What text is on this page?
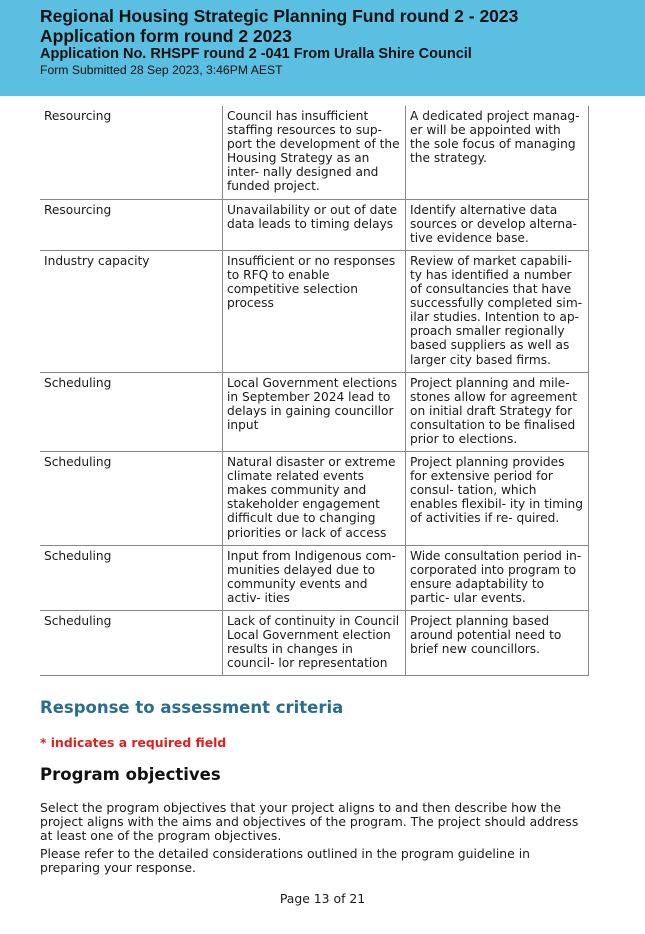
Regional Housing Strategic Planning Fund round 2 - 2023
Application form round 2 2023
Application No. RHSPF round 2 -041 From Uralla Shire Council
Form Submitted 28 Sep 2023, 3:46PM AEST
Resourcing	Council has insufficient staffing resources to sup- port the development of the Housing Strategy as an inter- nally designed and funded project.	A dedicated project manag- er will be appointed with the sole focus of managing the strategy.
Resourcing	Unavailability or out of date data leads to timing delays	Identify alternative data sources or develop alterna- tive evidence base.
Industry capacity	Insufficient or no responses to RFQ to enable competitive selection process	Review of market capabili- ty has identified a number of consultancies that have successfully completed sim- ilar studies. Intention to ap- proach smaller regionally based suppliers as well as larger city based firms.
Scheduling	Local Government elections in September 2024 lead to delays in gaining councillor input	Project planning and mile- stones allow for agreement on initial draft Strategy for consultation to be finalised prior to elections.
Scheduling	Natural disaster or extreme climate related events makes community and stakeholder engagement difficult due to changing priorities or lack of access	Project planning provides for extensive period for consul- tation, which enables flexibil- ity in timing of activities if re- quired.
Scheduling	Input from Indigenous com- munities delayed due to community events and activ- ities	Wide consultation period in- corporated into program to ensure adaptability to partic- ular events.
Scheduling	Lack of continuity in Council Local Government election results in changes in council- lor representation	Project planning based around potential need to brief new councillors.
Response to assessment criteria
* indicates a required field
Program objectives
Select the program objectives that your project aligns to and then describe how the project aligns with the aims and objectives of the program. The project should address at least one of the program objectives.
Please refer to the detailed considerations outlined in the program guideline in preparing your response.
Page 13 of 21
